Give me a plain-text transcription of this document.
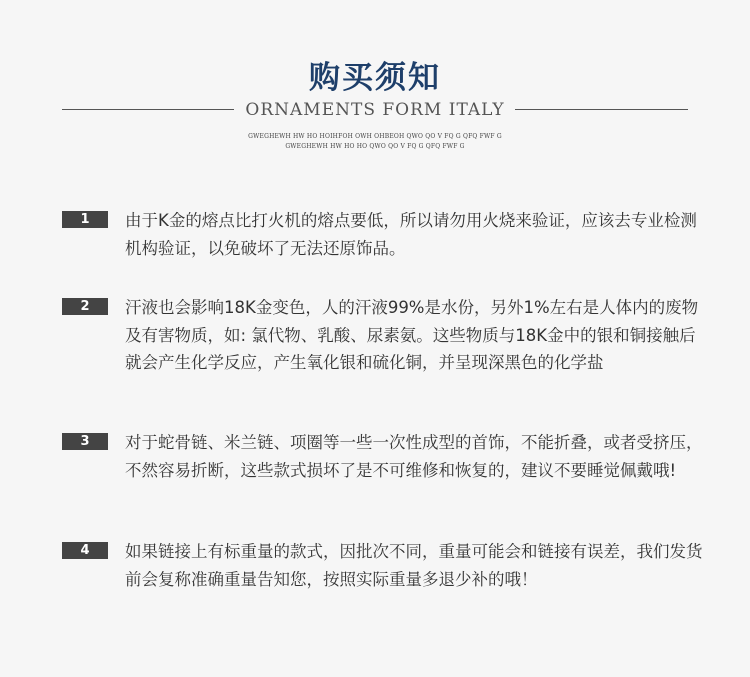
购买须知
ORNAMENTS FORM ITALY
GWEGHEWH HW HO HOIHFOH OWH OHBEOH QWO QO V FQ G QFQ FWF G
GWEGHEWH HW HO HO QWO QO V FQ G QFQ FWF G
1	由于K金的熔点比打火机的熔点要低，所以请勿用火烧来验证，应该去专业检测机构验证，以免破坏了无法还原饰品。
2	汗液也会影响18K金变色，人的汗液99%是水份，另外1%左右是人体内的废物及有害物质，如: 氯代物、乳酸、尿素氨。这些物质与18K金中的银和铜接触后就会产生化学反应，产生氧化银和硫化铜，并呈现深黑色的化学盐
3	对于蛇骨链、米兰链、项圈等一些一次性成型的首饰，不能折叠，或者受挤压，不然容易折断，这些款式损坏了是不可维修和恢复的，建议不要睡觉佩戴哦!
4	如果链接上有标重量的款式，因批次不同，重量可能会和链接有误差，我们发货前会复称准确重量告知您，按照实际重量多退少补的哦！
